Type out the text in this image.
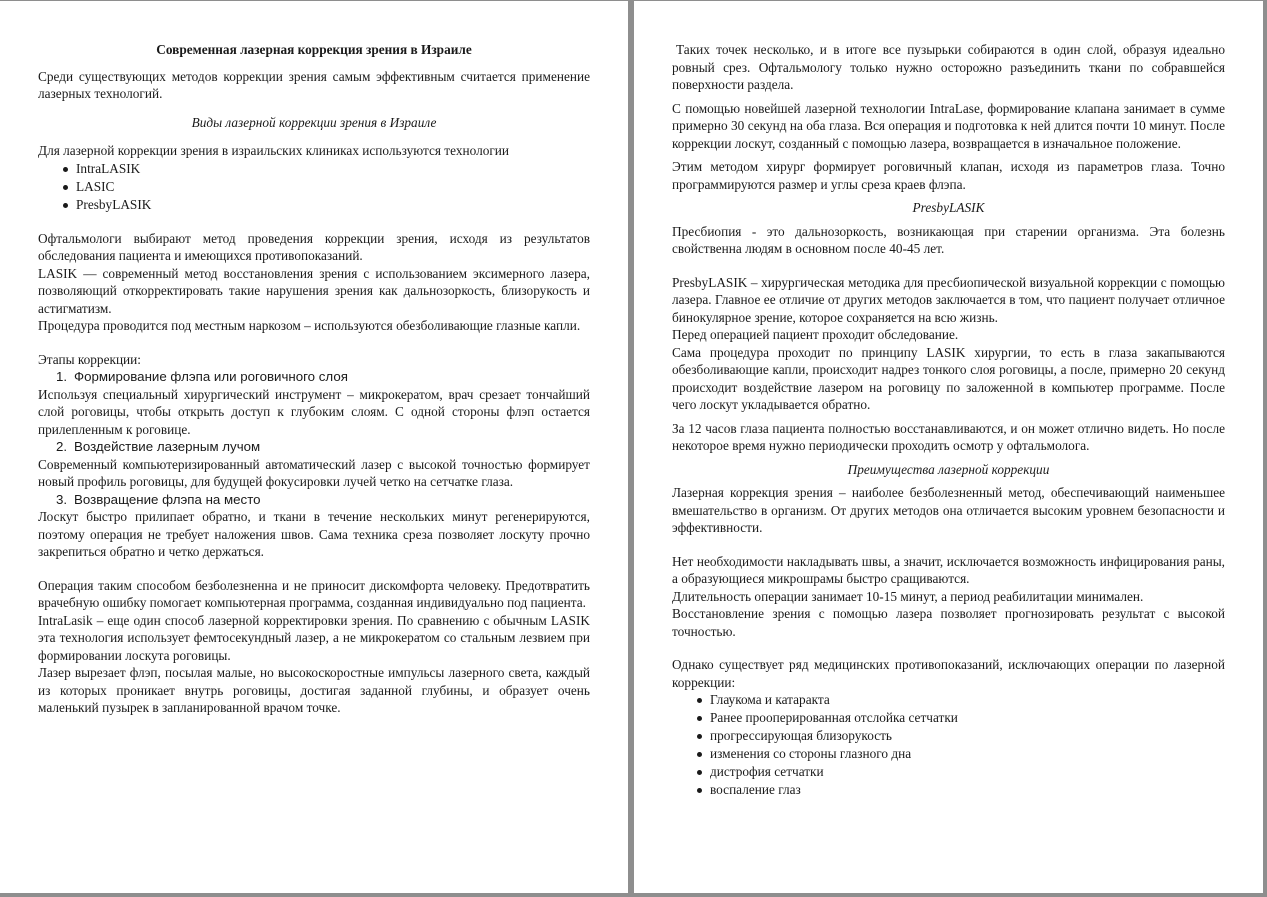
Современная лазерная коррекция зрения в Израиле

Среди существующих методов коррекции зрения самым эффективным считается применение лазерных технологий.

Виды лазерной коррекции зрения в Израиле

Для лазерной коррекции зрения в израильских клиниках используются технологии

IntraLASIK
LASIC
PresbyLASIK

Офтальмологи выбирают метод проведения коррекции зрения, исходя из результатов обследования пациента и имеющихся противопоказаний.

LASIK — современный метод восстановления зрения с использованием эксимерного лазера, позволяющий откорректировать такие нарушения зрения как дальнозоркость, близорукость и астигматизм.

Процедура проводится под местным наркозом – используются обезболивающие глазные капли.

Этапы коррекции:

1. Формирование флэпа или роговичного слоя

Используя специальный хирургический инструмент – микрокератом, врач срезает тончайший слой роговицы, чтобы открыть доступ к глубоким слоям. С одной стороны флэп остается прилепленным к роговице.

2. Воздействие лазерным лучом

Современный компьютеризированный автоматический лазер с высокой точностью формирует новый профиль роговицы, для будущей фокусировки лучей четко на сетчатке глаза.

3. Возвращение флэпа на место

Лоскут быстро прилипает обратно, и ткани в течение нескольких минут регенерируются, поэтому операция не требует наложения швов. Сама техника среза позволяет лоскуту прочно закрепиться обратно и четко держаться.

Операция таким способом безболезненна и не приносит дискомфорта человеку. Предотвратить врачебную ошибку помогает компьютерная программа, созданная индивидуально под пациента.

IntraLasik – еще один способ лазерной корректировки зрения. По сравнению с обычным LASIK эта технология использует фемтосекундный лазер, а не микрокератом со стальным лезвием при формировании лоскута роговицы.

Лазер вырезает флэп, посылая малые, но высокоскоростные импульсы лазерного света, каждый из которых проникает внутрь роговицы, достигая заданной глубины, и образует очень маленький пузырек в запланированной врачом точке.

Таких точек несколько, и в итоге все пузырьки собираются в один слой, образуя идеально ровный срез. Офтальмологу только нужно осторожно разъединить ткани по собравшейся поверхности раздела.

С помощью новейшей лазерной технологии IntraLase, формирование клапана занимает в сумме примерно 30 секунд на оба глаза. Вся операция и подготовка к ней длится почти 10 минут. После коррекции лоскут, созданный с помощью лазера, возвращается в изначальное положение.

Этим методом хирург формирует роговичный клапан, исходя из параметров глаза. Точно программируются размер и углы среза краев флэпа.

PresbyLASIK

Пресбиопия - это дальнозоркость, возникающая при старении организма. Эта болезнь свойственна людям в основном после 40-45 лет.

PresbyLASIK – хирургическая методика для пресбиопической визуальной коррекции с помощью лазера. Главное ее отличие от других методов заключается в том, что пациент получает отличное бинокулярное зрение, которое сохраняется на всю жизнь.

Перед операцией пациент проходит обследование.

Сама процедура проходит по принципу LASIK хирургии, то есть в глаза закапываются обезболивающие капли, происходит надрез тонкого слоя роговицы, а после, примерно 20 секунд происходит воздействие лазером на роговицу по заложенной в компьютер программе. После чего лоскут укладывается обратно.

За 12 часов глаза пациента полностью восстанавливаются, и он может отлично видеть. Но после некоторое время нужно периодически проходить осмотр у офтальмолога.

Преимущества лазерной коррекции

Лазерная коррекция зрения – наиболее безболезненный метод, обеспечивающий наименьшее вмешательство в организм. От других методов она отличается высоким уровнем безопасности и эффективности.

Нет необходимости накладывать швы, а значит, исключается возможность инфицирования раны, а образующиеся микрошрамы быстро сращиваются.

Длительность операции занимает 10-15 минут, а период реабилитации минимален.

Восстановление зрения с помощью лазера позволяет прогнозировать результат с высокой точностью.

Однако существует ряд медицинских противопоказаний, исключающих операции по лазерной коррекции:

Глаукома и катаракта
Ранее прооперированная отслойка сетчатки
прогрессирующая близорукость
изменения со стороны глазного дна
дистрофия сетчатки
воспаление глаз
